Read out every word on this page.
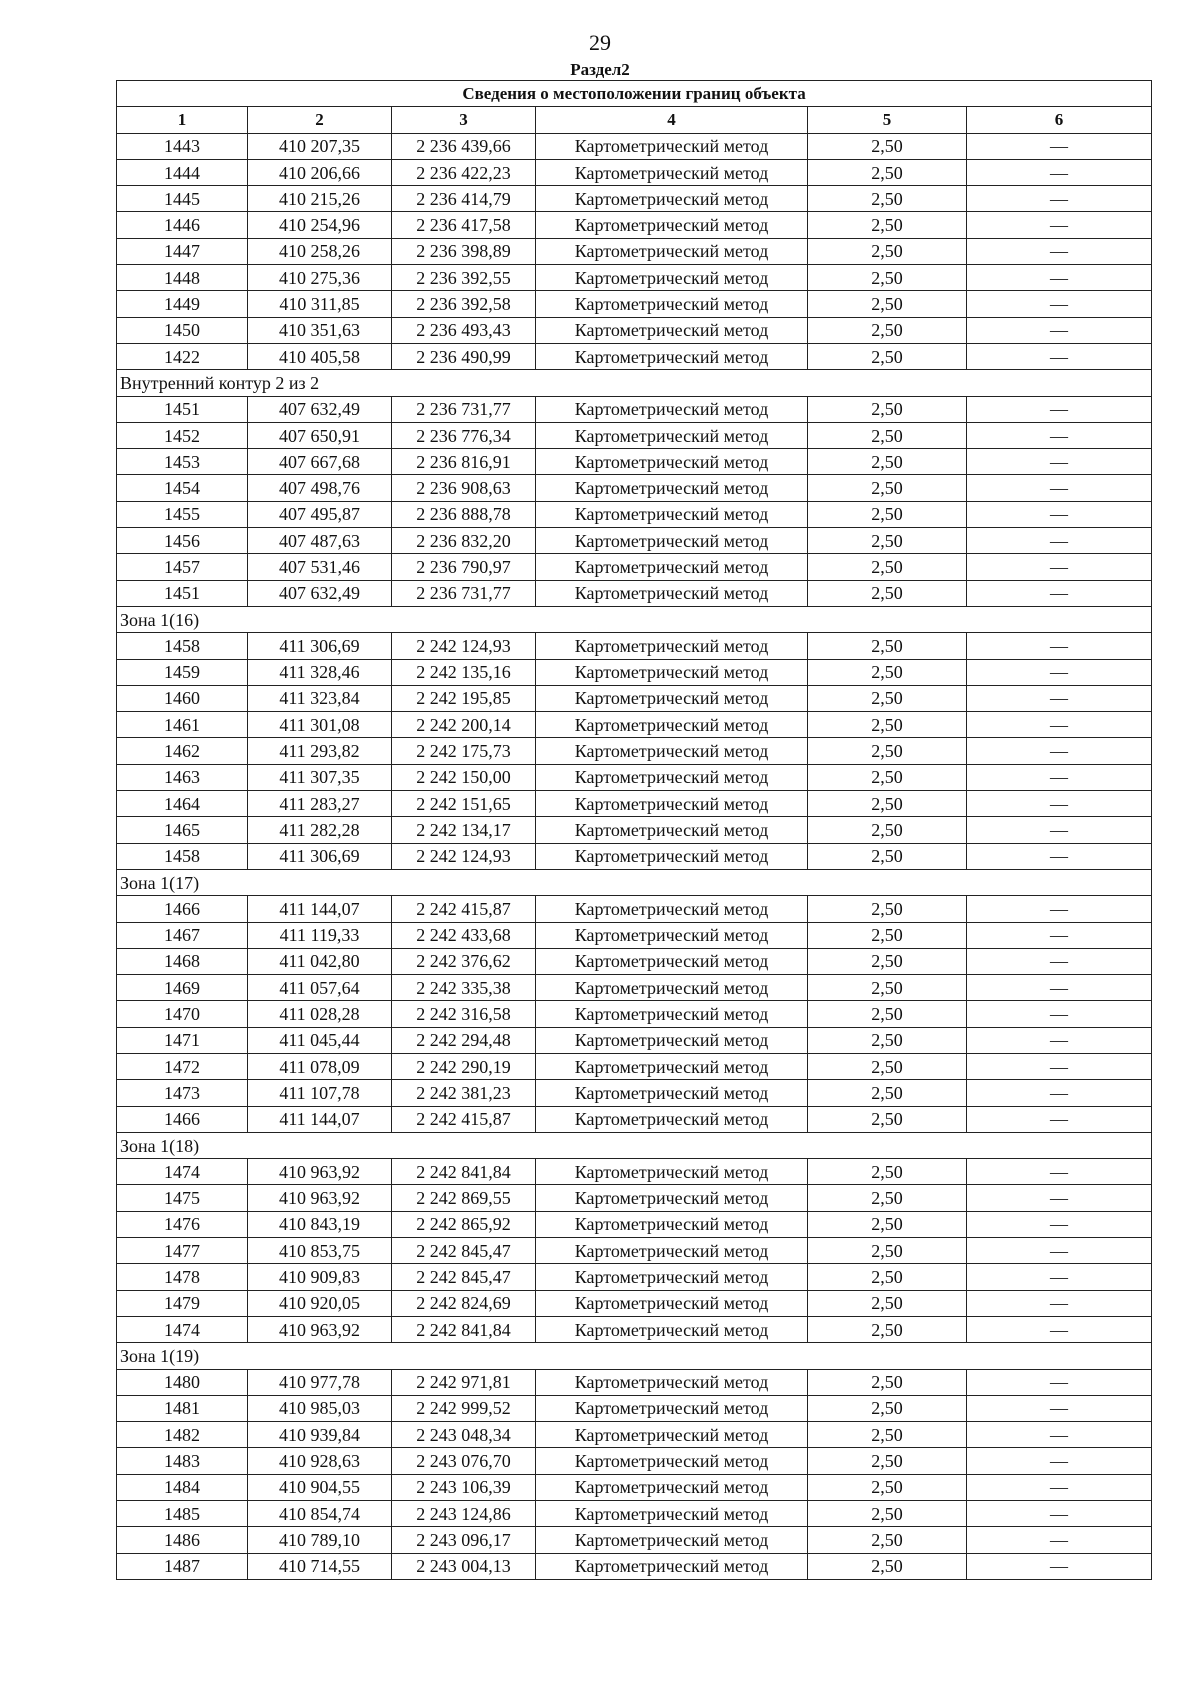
29
Раздел2
Сведения о местоположении границ объекта					
1	2	3	4	5	6
1443	410 207,35	2 236 439,66	Картометрический метод	2,50	—
1444	410 206,66	2 236 422,23	Картометрический метод	2,50	—
1445	410 215,26	2 236 414,79	Картометрический метод	2,50	—
1446	410 254,96	2 236 417,58	Картометрический метод	2,50	—
1447	410 258,26	2 236 398,89	Картометрический метод	2,50	—
1448	410 275,36	2 236 392,55	Картометрический метод	2,50	—
1449	410 311,85	2 236 392,58	Картометрический метод	2,50	—
1450	410 351,63	2 236 493,43	Картометрический метод	2,50	—
1422	410 405,58	2 236 490,99	Картометрический метод	2,50	—
Внутренний контур 2 из 2					
1451	407 632,49	2 236 731,77	Картометрический метод	2,50	—
1452	407 650,91	2 236 776,34	Картометрический метод	2,50	—
1453	407 667,68	2 236 816,91	Картометрический метод	2,50	—
1454	407 498,76	2 236 908,63	Картометрический метод	2,50	—
1455	407 495,87	2 236 888,78	Картометрический метод	2,50	—
1456	407 487,63	2 236 832,20	Картометрический метод	2,50	—
1457	407 531,46	2 236 790,97	Картометрический метод	2,50	—
1451	407 632,49	2 236 731,77	Картометрический метод	2,50	—
Зона 1(16)					
1458	411 306,69	2 242 124,93	Картометрический метод	2,50	—
1459	411 328,46	2 242 135,16	Картометрический метод	2,50	—
1460	411 323,84	2 242 195,85	Картометрический метод	2,50	—
1461	411 301,08	2 242 200,14	Картометрический метод	2,50	—
1462	411 293,82	2 242 175,73	Картометрический метод	2,50	—
1463	411 307,35	2 242 150,00	Картометрический метод	2,50	—
1464	411 283,27	2 242 151,65	Картометрический метод	2,50	—
1465	411 282,28	2 242 134,17	Картометрический метод	2,50	—
1458	411 306,69	2 242 124,93	Картометрический метод	2,50	—
Зона 1(17)					
1466	411 144,07	2 242 415,87	Картометрический метод	2,50	—
1467	411 119,33	2 242 433,68	Картометрический метод	2,50	—
1468	411 042,80	2 242 376,62	Картометрический метод	2,50	—
1469	411 057,64	2 242 335,38	Картометрический метод	2,50	—
1470	411 028,28	2 242 316,58	Картометрический метод	2,50	—
1471	411 045,44	2 242 294,48	Картометрический метод	2,50	—
1472	411 078,09	2 242 290,19	Картометрический метод	2,50	—
1473	411 107,78	2 242 381,23	Картометрический метод	2,50	—
1466	411 144,07	2 242 415,87	Картометрический метод	2,50	—
Зона 1(18)					
1474	410 963,92	2 242 841,84	Картометрический метод	2,50	—
1475	410 963,92	2 242 869,55	Картометрический метод	2,50	—
1476	410 843,19	2 242 865,92	Картометрический метод	2,50	—
1477	410 853,75	2 242 845,47	Картометрический метод	2,50	—
1478	410 909,83	2 242 845,47	Картометрический метод	2,50	—
1479	410 920,05	2 242 824,69	Картометрический метод	2,50	—
1474	410 963,92	2 242 841,84	Картометрический метод	2,50	—
Зона 1(19)					
1480	410 977,78	2 242 971,81	Картометрический метод	2,50	—
1481	410 985,03	2 242 999,52	Картометрический метод	2,50	—
1482	410 939,84	2 243 048,34	Картометрический метод	2,50	—
1483	410 928,63	2 243 076,70	Картометрический метод	2,50	—
1484	410 904,55	2 243 106,39	Картометрический метод	2,50	—
1485	410 854,74	2 243 124,86	Картометрический метод	2,50	—
1486	410 789,10	2 243 096,17	Картометрический метод	2,50	—
1487	410 714,55	2 243 004,13	Картометрический метод	2,50	—
